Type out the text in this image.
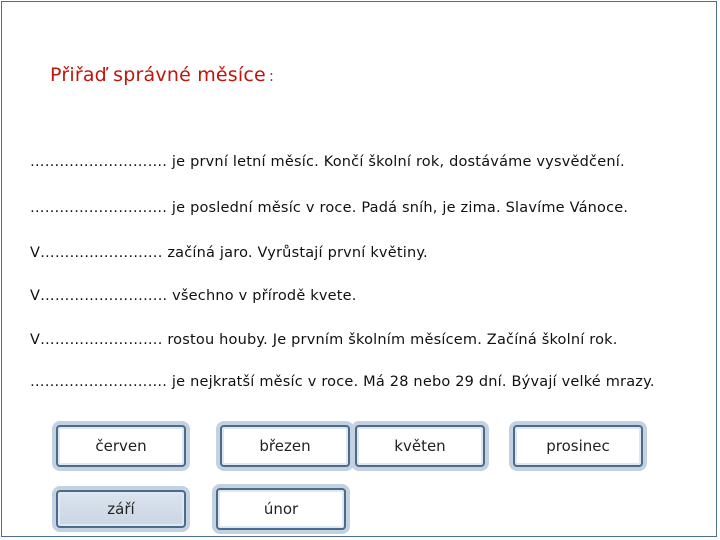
Přiřaď správné měsíce :
………………………. je první letní měsíc. Končí školní rok, dostáváme vysvědčení.
………………………. je poslední měsíc v roce. Padá sníh, je zima. Slavíme Vánoce.
V……………………. začíná jaro. Vyrůstají první květiny.
V…………………….. všechno v přírodě kvete.
V……………………. rostou houby. Je prvním školním měsícem. Začíná školní rok.
………………………. je nejkratší měsíc v roce. Má 28 nebo 29 dní. Bývají velké mrazy.
červen	březen	květen	prosinec
září	únor
